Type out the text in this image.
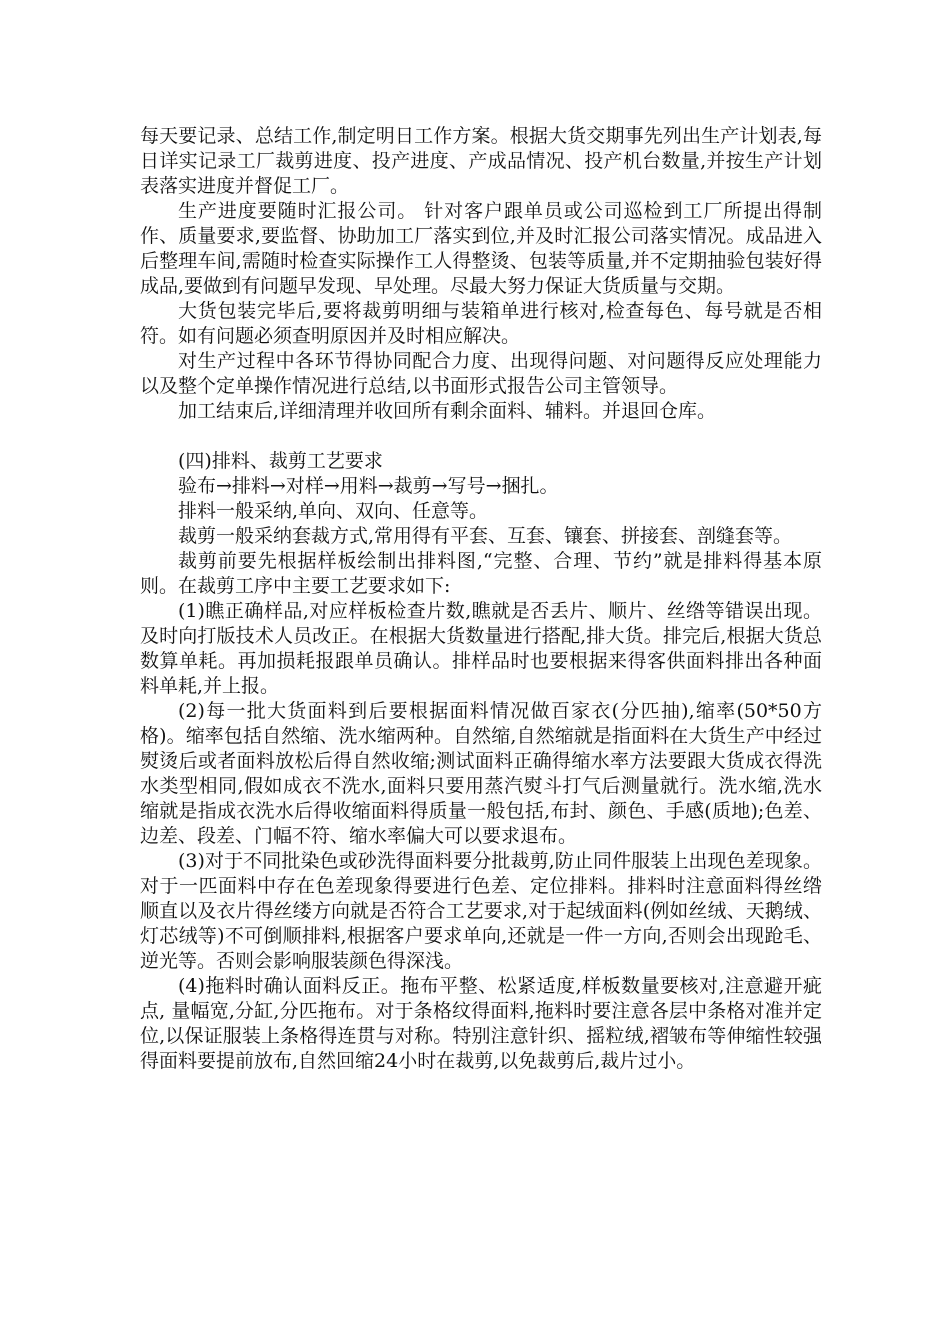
每天要记录、总结工作,制定明日工作方案。根据大货交期事先列出生产计划表,每日详实记录工厂裁剪进度、投产进度、产成品情况、投产机台数量,并按生产计划表落实进度并督促工厂。

生产进度要随时汇报公司。 针对客户跟单员或公司巡检到工厂所提出得制作、质量要求,要监督、协助加工厂落实到位,并及时汇报公司落实情况。成品进入后整理车间,需随时检查实际操作工人得整烫、包装等质量,并不定期抽验包装好得成品,要做到有问题早发现、早处理。尽最大努力保证大货质量与交期。

大货包装完毕后,要将裁剪明细与装箱单进行核对,检查每色、每号就是否相符。如有问题必须查明原因并及时相应解决。

对生产过程中各环节得协同配合力度、出现得问题、对问题得反应处理能力以及整个定单操作情况进行总结,以书面形式报告公司主管领导。

加工结束后,详细清理并收回所有剩余面料、辅料。并退回仓库。

(四)排料、裁剪工艺要求

验布→排料→对样→用料→裁剪→写号→捆扎。

排料一般采纳,单向、双向、任意等。

裁剪一般采纳套裁方式,常用得有平套、互套、镶套、拼接套、剖缝套等。

裁剪前要先根据样板绘制出排料图,“完整、合理、节约”就是排料得基本原则。在裁剪工序中主要工艺要求如下:

(1)瞧正确样品,对应样板检查片数,瞧就是否丢片、顺片、丝绺等错误出现。及时向打版技术人员改正。在根据大货数量进行搭配,排大货。排完后,根据大货总数算单耗。再加损耗报跟单员确认。排样品时也要根据来得客供面料排出各种面料单耗,并上报。

(2)每一批大货面料到后要根据面料情况做百家衣(分匹抽),缩率(50*50方格)。缩率包括自然缩、洗水缩两种。自然缩,自然缩就是指面料在大货生产中经过熨烫后或者面料放松后得自然收缩;测试面料正确得缩水率方法要跟大货成衣得洗水类型相同,假如成衣不洗水,面料只要用蒸汽熨斗打气后测量就行。洗水缩,洗水缩就是指成衣洗水后得收缩面料得质量一般包括,布封、颜色、手感(质地);色差、边差、段差、门幅不符、缩水率偏大可以要求退布。

(3)对于不同批染色或砂洗得面料要分批裁剪,防止同件服装上出现色差现象。对于一匹面料中存在色差现象得要进行色差、定位排料。排料时注意面料得丝绺顺直以及衣片得丝缕方向就是否符合工艺要求,对于起绒面料(例如丝绒、天鹅绒、灯芯绒等)不可倒顺排料,根据客户要求单向,还就是一件一方向,否则会出现跄毛、逆光等。否则会影响服装颜色得深浅。

(4)拖料时确认面料反正。拖布平整、松紧适度,样板数量要核对,注意避开疵点, 量幅宽,分缸,分匹拖布。对于条格纹得面料,拖料时要注意各层中条格对准并定位,以保证服装上条格得连贯与对称。特别注意针织、摇粒绒,褶皱布等伸缩性较强得面料要提前放布,自然回缩24小时在裁剪,以免裁剪后,裁片过小。
